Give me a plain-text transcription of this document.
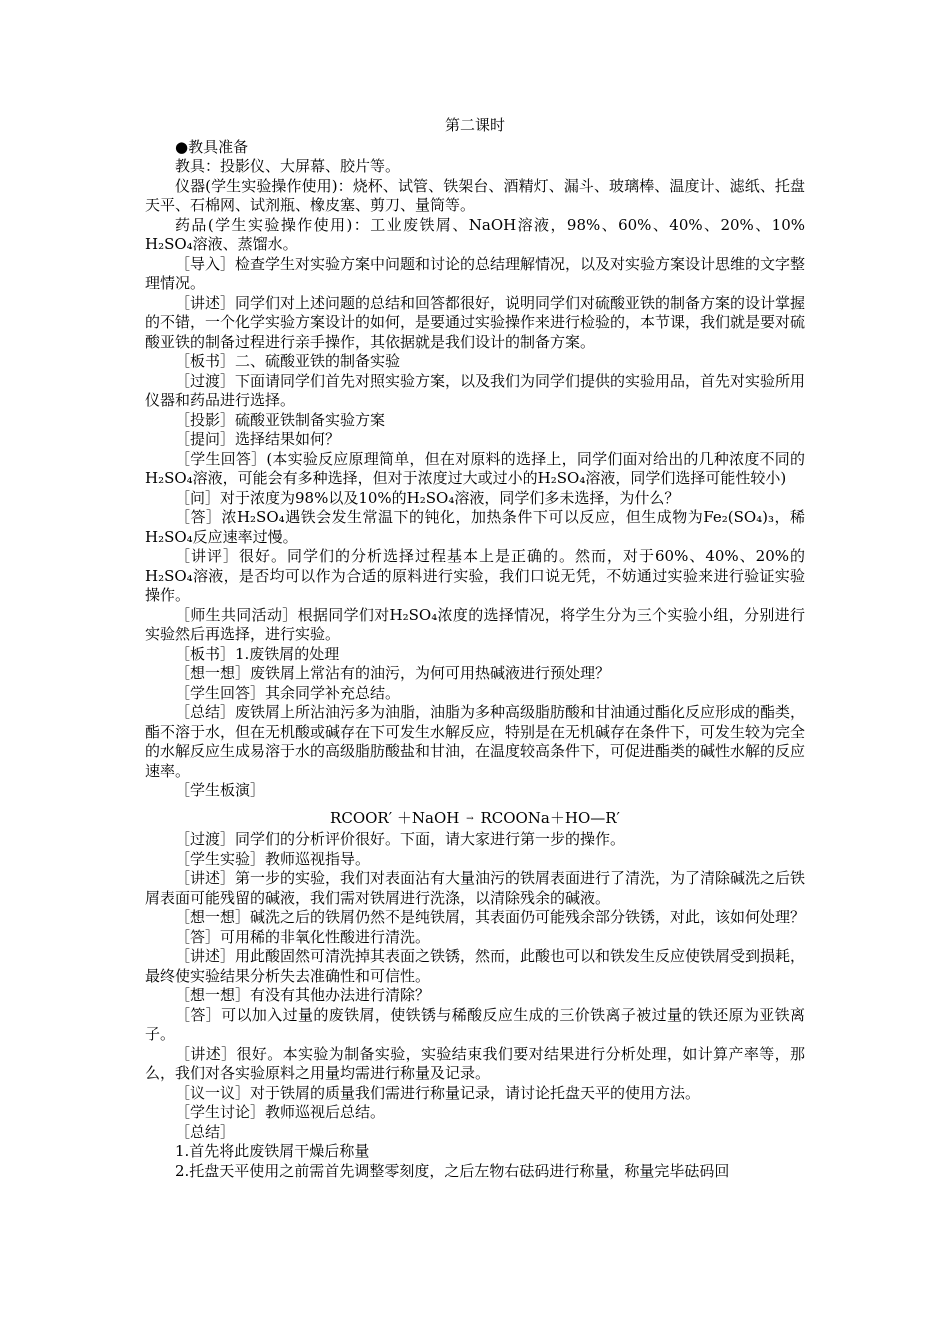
第二课时
●教具准备
教具：投影仪、大屏幕、胶片等。
仪器(学生实验操作使用)：烧杯、试管、铁架台、酒精灯、漏斗、玻璃棒、温度计、滤纸、托盘天平、石棉网、试剂瓶、橡皮塞、剪刀、量筒等。
药品(学生实验操作使用)：工业废铁屑、NaOH溶液，98%、60%、40%、20%、10% H₂SO₄溶液、蒸馏水。
［导入］检查学生对实验方案中问题和讨论的总结理解情况，以及对实验方案设计思维的文字整理情况。
［讲述］同学们对上述问题的总结和回答都很好，说明同学们对硫酸亚铁的制备方案的设计掌握的不错，一个化学实验方案设计的如何，是要通过实验操作来进行检验的，本节课，我们就是要对硫酸亚铁的制备过程进行亲手操作，其依据就是我们设计的制备方案。
［板书］二、硫酸亚铁的制备实验
［过渡］下面请同学们首先对照实验方案，以及我们为同学们提供的实验用品，首先对实验所用仪器和药品进行选择。
［投影］硫酸亚铁制备实验方案
［提问］选择结果如何？
［学生回答］(本实验反应原理简单，但在对原料的选择上，同学们面对给出的几种浓度不同的H₂SO₄溶液，可能会有多种选择，但对于浓度过大或过小的H₂SO₄溶液，同学们选择可能性较小)
［问］对于浓度为98%以及10%的H₂SO₄溶液，同学们多未选择，为什么？
［答］浓H₂SO₄遇铁会发生常温下的钝化，加热条件下可以反应，但生成物为Fe₂(SO₄)₃，稀H₂SO₄反应速率过慢。
［讲评］很好。同学们的分析选择过程基本上是正确的。然而，对于60%、40%、20%的H₂SO₄溶液，是否均可以作为合适的原料进行实验，我们口说无凭，不妨通过实验来进行验证实验操作。
［师生共同活动］根据同学们对H₂SO₄浓度的选择情况，将学生分为三个实验小组，分别进行实验然后再选择，进行实验。
［板书］1.废铁屑的处理
［想一想］废铁屑上常沾有的油污，为何可用热碱液进行预处理？
［学生回答］其余同学补充总结。
［总结］废铁屑上所沾油污多为油脂，油脂为多种高级脂肪酸和甘油通过酯化反应形成的酯类，酯不溶于水，但在无机酸或碱存在下可发生水解反应，特别是在无机碱存在条件下，可发生较为完全的水解反应生成易溶于水的高级脂肪酸盐和甘油，在温度较高条件下，可促进酯类的碱性水解的反应速率。
［学生板演］
RCOOR′ ＋NaOH → RCOONa＋HO—R′
［过渡］同学们的分析评价很好。下面，请大家进行第一步的操作。
［学生实验］教师巡视指导。
［讲述］第一步的实验，我们对表面沾有大量油污的铁屑表面进行了清洗，为了清除碱洗之后铁屑表面可能残留的碱液，我们需对铁屑进行洗涤，以清除残余的碱液。
［想一想］碱洗之后的铁屑仍然不是纯铁屑，其表面仍可能残余部分铁锈，对此，该如何处理？
［答］可用稀的非氧化性酸进行清洗。
［讲述］用此酸固然可清洗掉其表面之铁锈，然而，此酸也可以和铁发生反应使铁屑受到损耗，最终使实验结果分析失去准确性和可信性。
［想一想］有没有其他办法进行清除？
［答］可以加入过量的废铁屑，使铁锈与稀酸反应生成的三价铁离子被过量的铁还原为亚铁离子。
［讲述］很好。本实验为制备实验，实验结束我们要对结果进行分析处理，如计算产率等，那么，我们对各实验原料之用量均需进行称量及记录。
［议一议］对于铁屑的质量我们需进行称量记录，请讨论托盘天平的使用方法。
［学生讨论］教师巡视后总结。
［总结］
1.首先将此废铁屑干燥后称量
2.托盘天平使用之前需首先调整零刻度，之后左物右砝码进行称量，称量完毕砝码回
